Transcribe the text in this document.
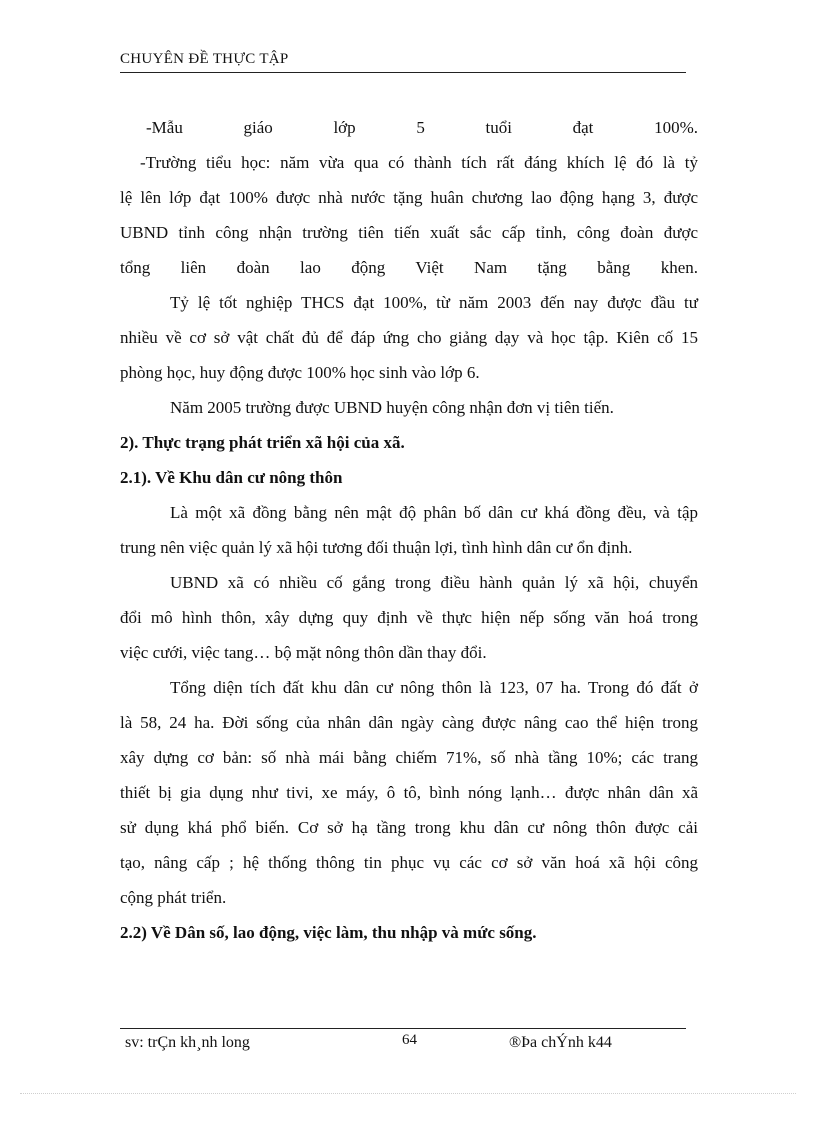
CHUYÊN ĐỀ THỰC TẬP
-Mẫu giáo lớp 5 tuổi đạt 100%.
-Trường tiểu học: năm vừa qua có thành tích rất đáng khích lệ đó là tỷ
lệ lên lớp đạt 100% được nhà nước tặng huân chương lao động hạng 3, được
UBND tỉnh công nhận trường tiên tiến xuất sắc cấp tỉnh, công đoàn được
tổng liên đoàn lao động Việt Nam tặng bằng khen.
Tỷ lệ tốt nghiệp THCS đạt 100%, từ năm 2003 đến nay được đầu tư
nhiều về cơ sở vật chất đủ để đáp ứng cho giảng dạy và học tập. Kiên cố 15
phòng học, huy động được 100% học sinh vào lớp 6.
Năm 2005 trường được UBND huyện công nhận đơn vị tiên tiến.
2). Thực trạng phát triển xã hội của xã.
2.1). Về Khu dân cư nông thôn
Là một xã đồng bằng nên mật độ phân bố dân cư khá đồng đều, và tập
trung nên việc quản lý xã hội tương đối thuận lợi, tình hình dân cư ổn định.
UBND xã có nhiều cố gắng trong điều hành quản lý xã hội, chuyển
đổi mô hình thôn, xây dựng quy định về thực hiện nếp sống văn hoá trong
việc cưới, việc tang… bộ mặt nông thôn dần thay đổi.
Tổng diện tích đất khu dân cư nông thôn là 123, 07 ha. Trong đó đất ở
là 58, 24 ha. Đời sống của nhân dân ngày càng được nâng cao thể hiện trong
xây dựng cơ bản: số nhà mái bằng chiếm 71%, số nhà tầng 10%; các trang
thiết bị gia dụng như tivi, xe máy, ô tô, bình nóng lạnh… được nhân dân xã
sử dụng khá phổ biến. Cơ sở hạ tầng trong khu dân cư nông thôn được cải
tạo, nâng cấp ; hệ thống thông tin phục vụ các cơ sở văn hoá xã hội công
cộng phát triển.
2.2) Về Dân số, lao động, việc làm, thu nhập và mức sống.
sv: trÇn kh¸nh long	64	®Þa chÝnh k44
